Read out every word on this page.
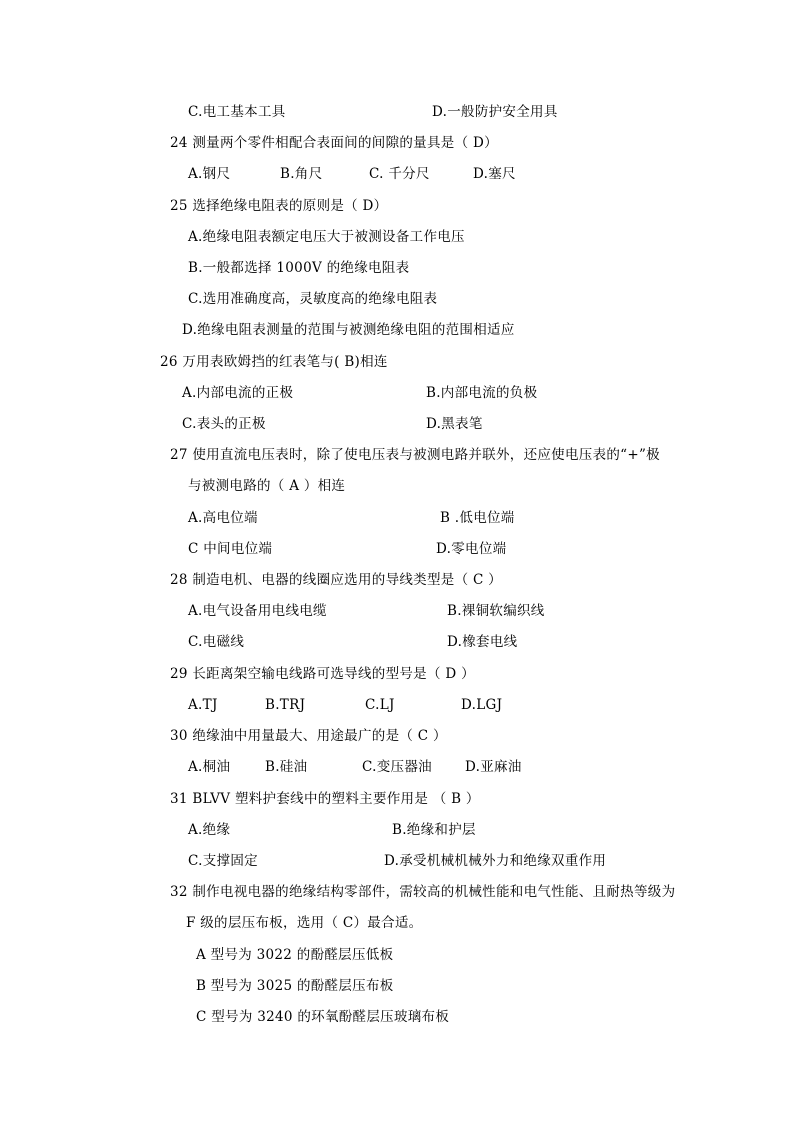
C.电工基本工具	D.一般防护安全用具
24 测量两个零件相配合表面间的间隙的量具是（ D）
A.钢尺	B.角尺	C. 千分尺	D.塞尺
25 选择绝缘电阻表的原则是（ D）
A.绝缘电阻表额定电压大于被测设备工作电压
B.一般都选择 1000V 的绝缘电阻表
C.选用准确度高，灵敏度高的绝缘电阻表
D.绝缘电阻表测量的范围与被测绝缘电阻的范围相适应
26 万用表欧姆挡的红表笔与( B)相连
A.内部电流的正极	B.内部电流的负极
C.表头的正极	D.黑表笔
27 使用直流电压表时，除了使电压表与被测电路并联外，还应使电压表的“+”极
与被测电路的（ A ）相连
A.高电位端	B .低电位端
C 中间电位端	D.零电位端
28 制造电机、电器的线圈应选用的导线类型是（ C ）
A.电气设备用电线电缆	B.裸铜软编织线
C.电磁线	D.橡套电线
29 长距离架空输电线路可选导线的型号是（ D ）
A.TJ	B.TRJ	C.LJ	D.LGJ
30 绝缘油中用量最大、用途最广的是（ C ）
A.桐油	B.硅油	C.变压器油 D.亚麻油
31 BLVV 塑料护套线中的塑料主要作用是 （ B ）
A.绝缘	B.绝缘和护层
C.支撑固定	D.承受机械机械外力和绝缘双重作用
32 制作电视电器的绝缘结构零部件，需较高的机械性能和电气性能、且耐热等级为
F 级的层压布板，选用（ C）最合适。
A 型号为 3022 的酚醛层压低板
B 型号为 3025 的酚醛层压布板
C 型号为 3240 的环氧酚醛层压玻璃布板
